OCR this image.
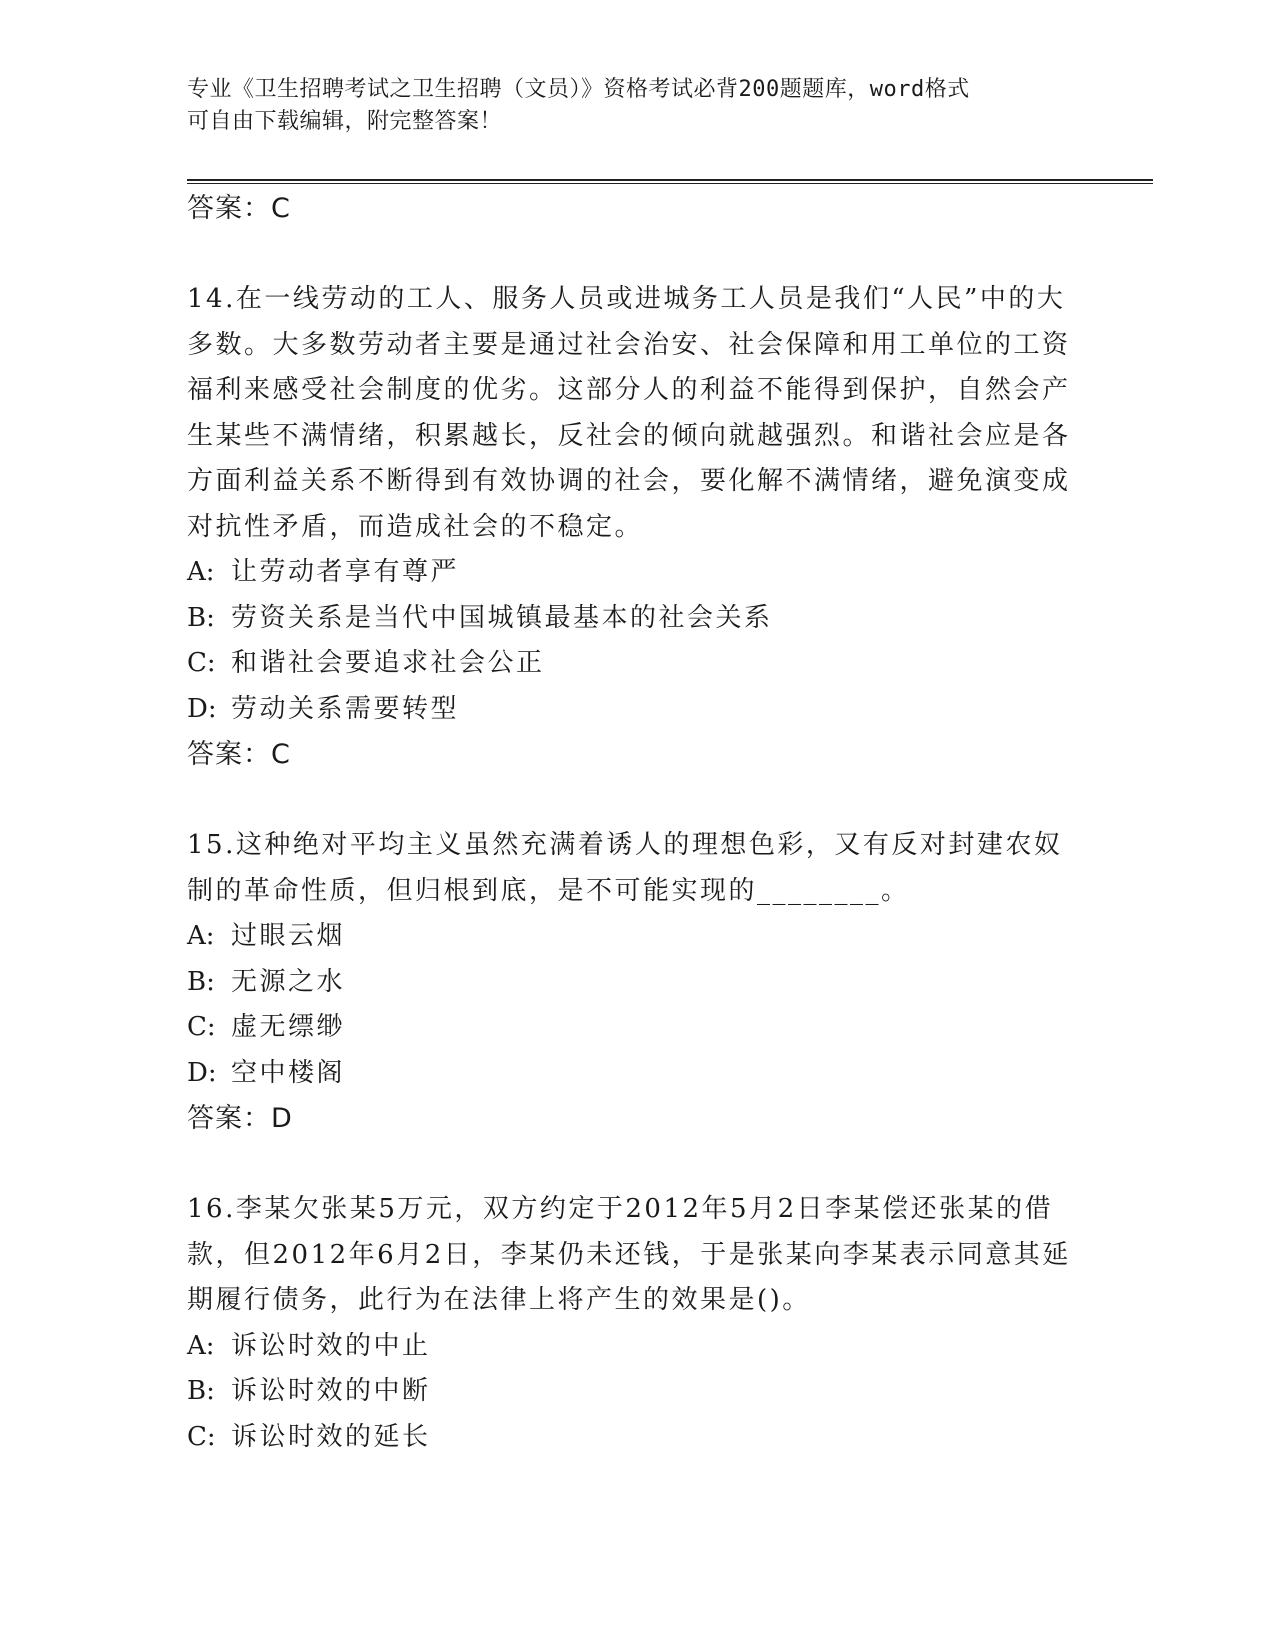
专业《卫生招聘考试之卫生招聘（文员）》资格考试必背200题题库，word格式
可自由下载编辑，附完整答案！
答案：C

14.在一线劳动的工人、服务人员或进城务工人员是我们“人民”中的大多数。大多数劳动者主要是通过社会治安、社会保障和用工单位的工资福利来感受社会制度的优劣。这部分人的利益不能得到保护，自然会产生某些不满情绪，积累越长，反社会的倾向就越强烈。和谐社会应是各方面利益关系不断得到有效协调的社会，要化解不满情绪，避免演变成对抗性矛盾，而造成社会的不稳定。

A: 让劳动者享有尊严
B: 劳资关系是当代中国城镇最基本的社会关系
C: 和谐社会要追求社会公正
D: 劳动关系需要转型
答案：C

15.这种绝对平均主义虽然充满着诱人的理想色彩，又有反对封建农奴制的革命性质，但归根到底，是不可能实现的________。

A: 过眼云烟
B: 无源之水
C: 虚无缥缈
D: 空中楼阁
答案：D

16.李某欠张某5万元，双方约定于2012年5月2日李某偿还张某的借款，但2012年6月2日，李某仍未还钱，于是张某向李某表示同意其延期履行债务，此行为在法律上将产生的效果是()。

A: 诉讼时效的中止
B: 诉讼时效的中断
C: 诉讼时效的延长
